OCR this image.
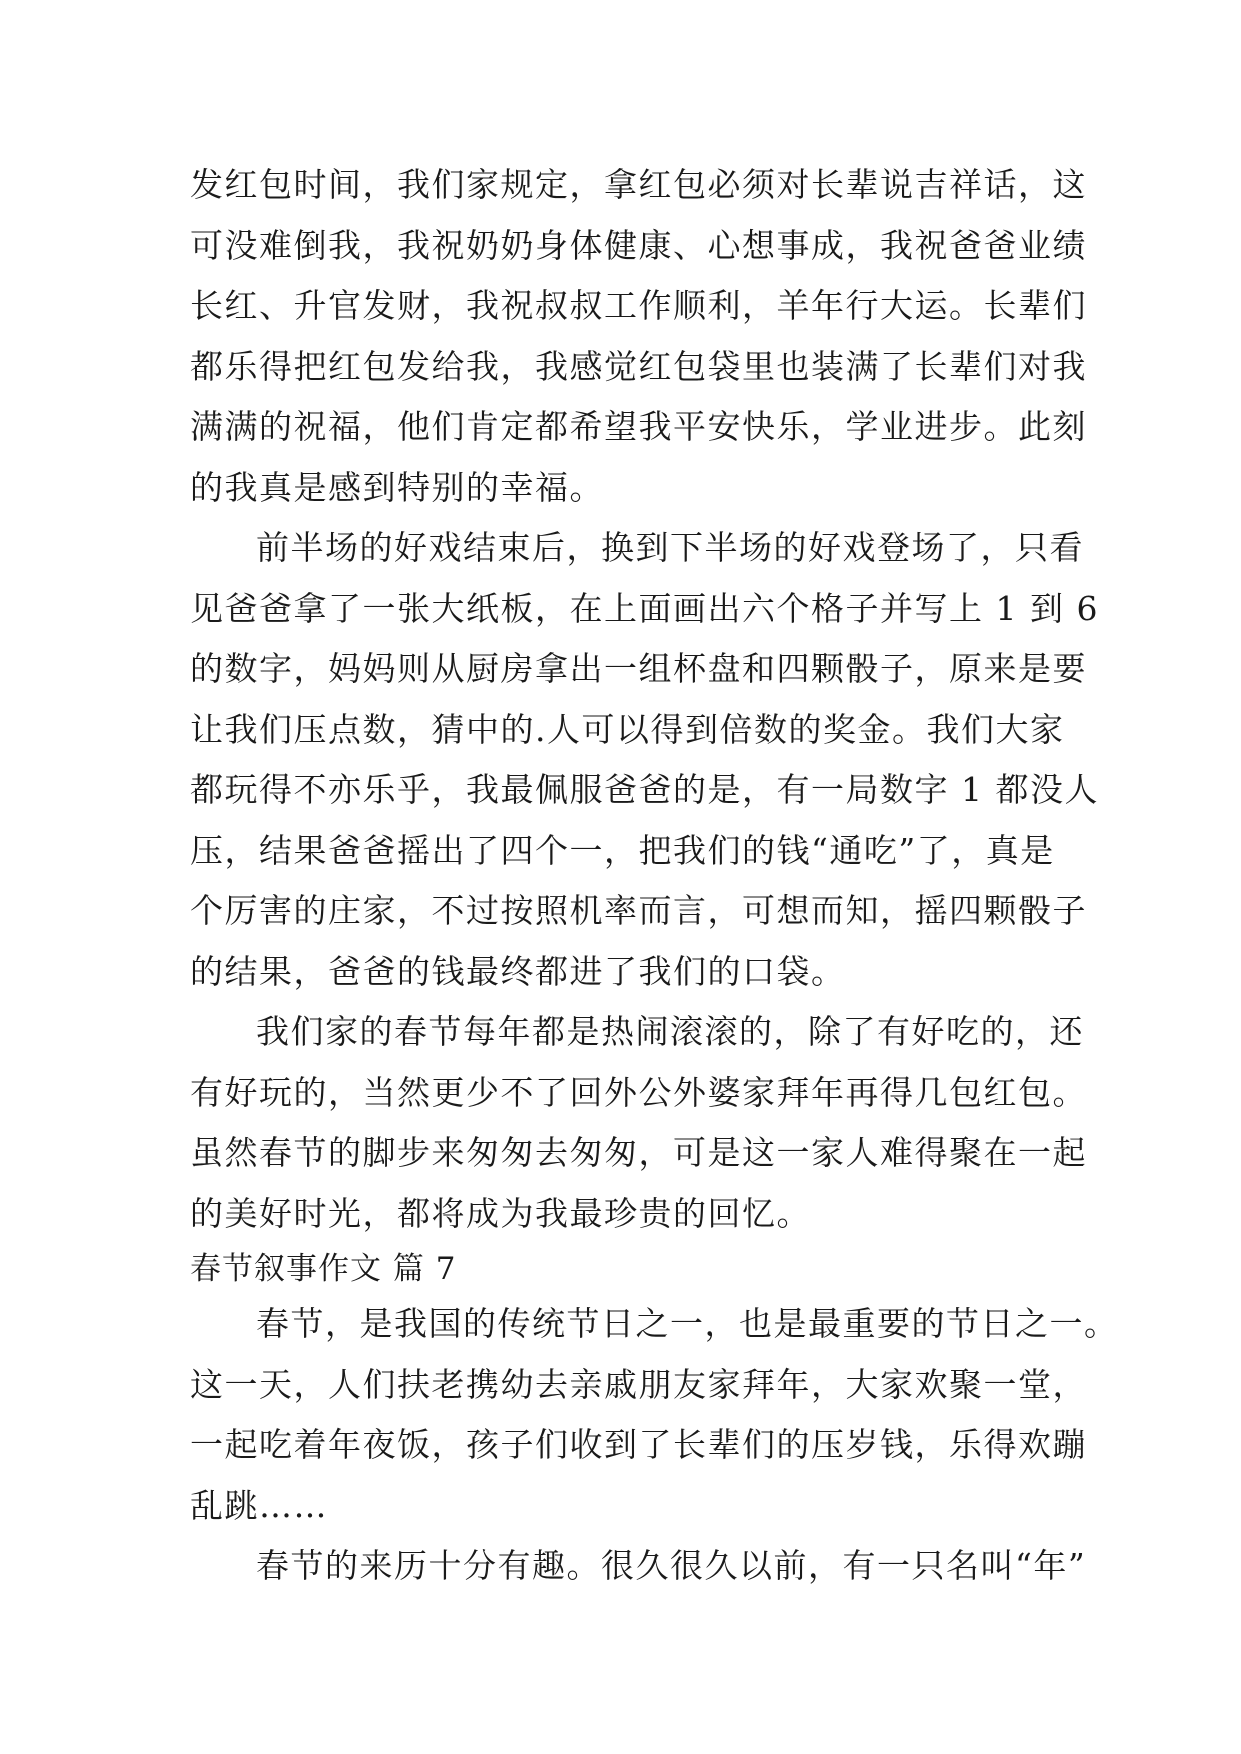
发红包时间，我们家规定，拿红包必须对长辈说吉祥话，这
可没难倒我，我祝奶奶身体健康、心想事成，我祝爸爸业绩
长红、升官发财，我祝叔叔工作顺利，羊年行大运。长辈们
都乐得把红包发给我，我感觉红包袋里也装满了长辈们对我
满满的祝福，他们肯定都希望我平安快乐，学业进步。此刻
的我真是感到特别的幸福。
前半场的好戏结束后，换到下半场的好戏登场了，只看
见爸爸拿了一张大纸板，在上面画出六个格子并写上 1 到 6
的数字，妈妈则从厨房拿出一组杯盘和四颗骰子，原来是要
让我们压点数，猜中的.人可以得到倍数的奖金。我们大家
都玩得不亦乐乎，我最佩服爸爸的是，有一局数字 1 都没人
压，结果爸爸摇出了四个一，把我们的钱“通吃”了，真是
个厉害的庄家，不过按照机率而言，可想而知，摇四颗骰子
的结果，爸爸的钱最终都进了我们的口袋。
我们家的春节每年都是热闹滚滚的，除了有好吃的，还
有好玩的，当然更少不了回外公外婆家拜年再得几包红包。
虽然春节的脚步来匆匆去匆匆，可是这一家人难得聚在一起
的美好时光，都将成为我最珍贵的回忆。
春节叙事作文 篇 7
春节，是我国的传统节日之一，也是最重要的节日之一。
这一天，人们扶老携幼去亲戚朋友家拜年，大家欢聚一堂，
一起吃着年夜饭，孩子们收到了长辈们的压岁钱，乐得欢蹦
乱跳……
春节的来历十分有趣。很久很久以前，有一只名叫“年”
